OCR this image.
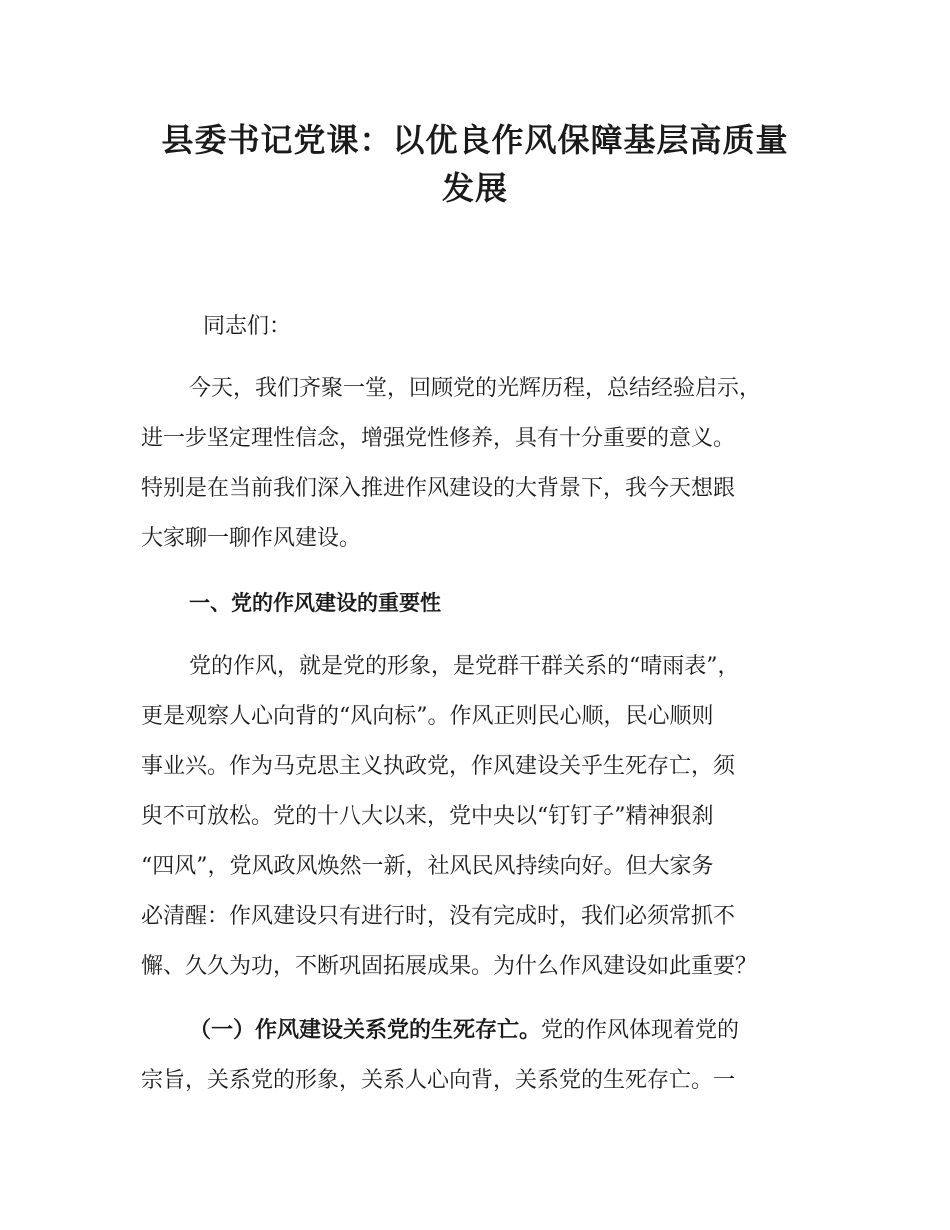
县委书记党课：以优良作风保障基层高质量
发展

同志们：

今天，我们齐聚一堂，回顾党的光辉历程，总结经验启示，

进一步坚定理性信念，增强党性修养，具有十分重要的意义。

特别是在当前我们深入推进作风建设的大背景下，我今天想跟

大家聊一聊作风建设。

一、党的作风建设的重要性

党的作风，就是党的形象，是党群干群关系的“晴雨表”，

更是观察人心向背的“风向标”。作风正则民心顺，民心顺则

事业兴。作为马克思主义执政党，作风建设关乎生死存亡，须

臾不可放松。党的十八大以来，党中央以“钉钉子”精神狠刹

“四风”，党风政风焕然一新，社风民风持续向好。但大家务

必清醒：作风建设只有进行时，没有完成时，我们必须常抓不

懈、久久为功，不断巩固拓展成果。为什么作风建设如此重要？

（一）作风建设关系党的生死存亡。党的作风体现着党的

宗旨，关系党的形象，关系人心向背，关系党的生死存亡。一
